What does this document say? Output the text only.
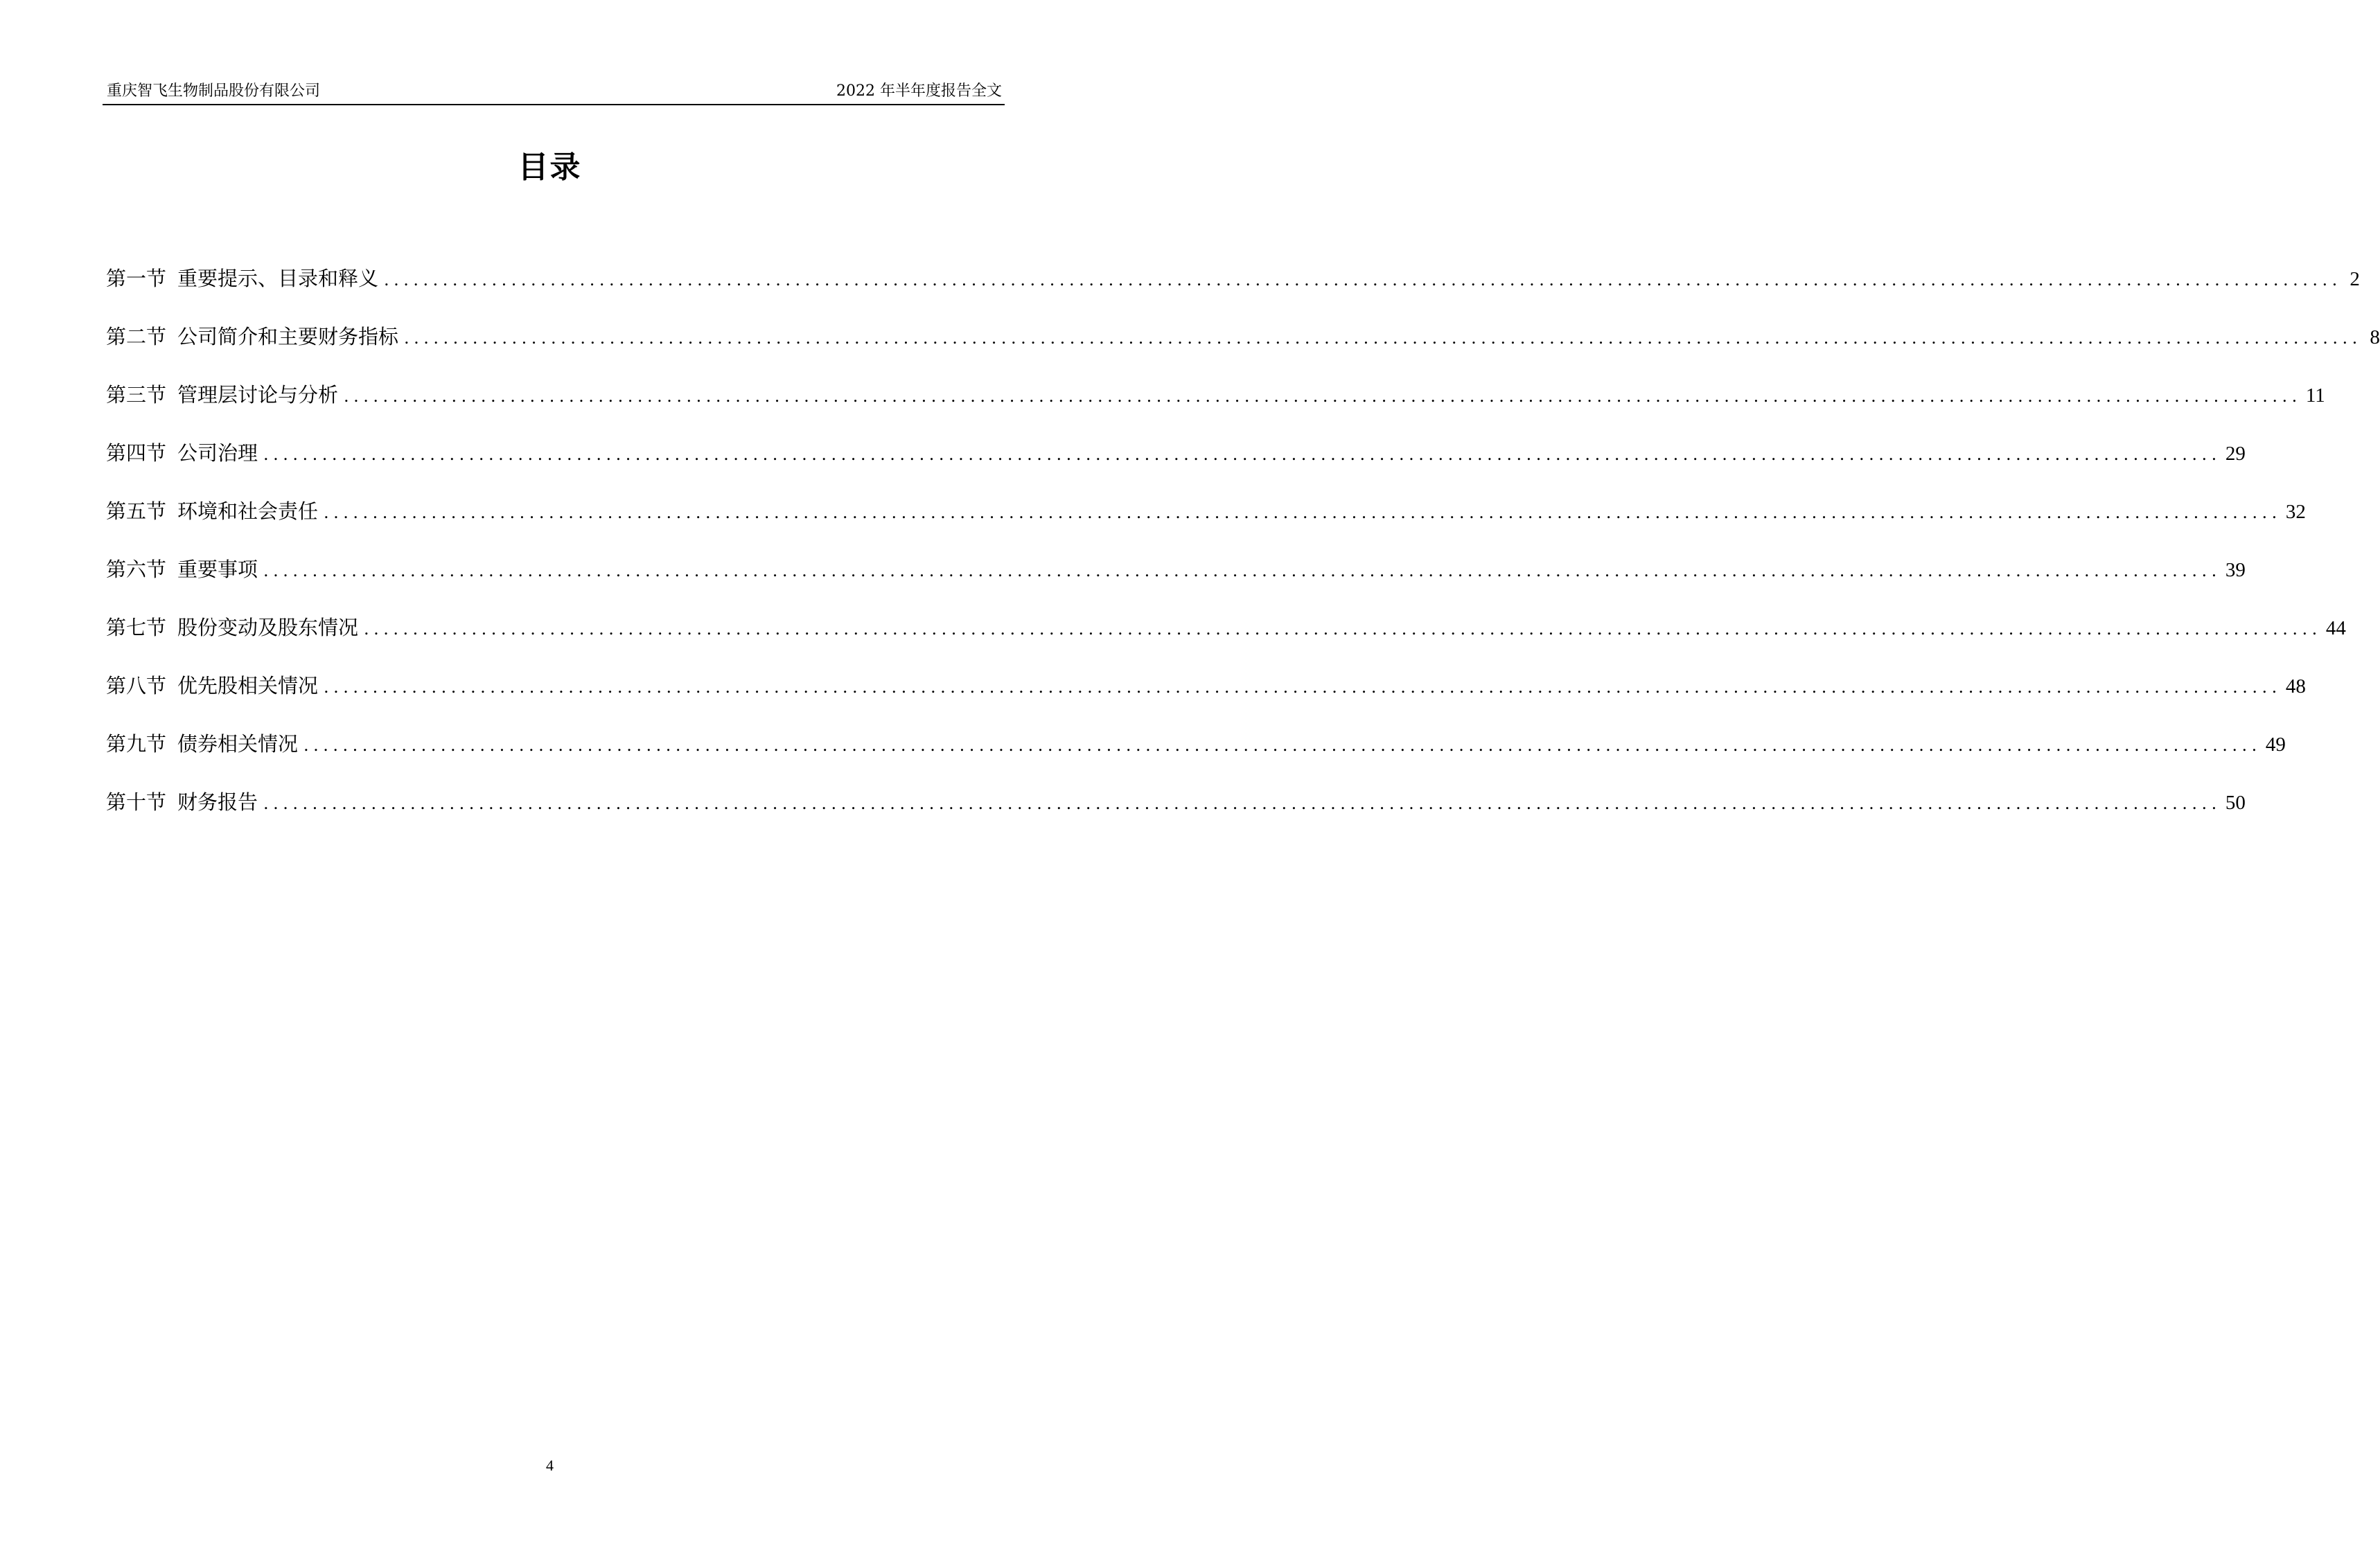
重庆智飞生物制品股份有限公司	2022 年半年度报告全文
目录
第一节 重要提示、目录和释义 ........................................................................................................................................................................................................ 2
第二节 公司简介和主要财务指标 ........................................................................................................................................................................................................ 8
第三节 管理层讨论与分析 ........................................................................................................................................................................................................ 11
第四节 公司治理 ........................................................................................................................................................................................................ 29
第五节 环境和社会责任 ........................................................................................................................................................................................................ 32
第六节 重要事项 ........................................................................................................................................................................................................ 39
第七节 股份变动及股东情况 ........................................................................................................................................................................................................ 44
第八节 优先股相关情况 ........................................................................................................................................................................................................ 48
第九节 债券相关情况 ........................................................................................................................................................................................................ 49
第十节 财务报告 ........................................................................................................................................................................................................ 50
4
